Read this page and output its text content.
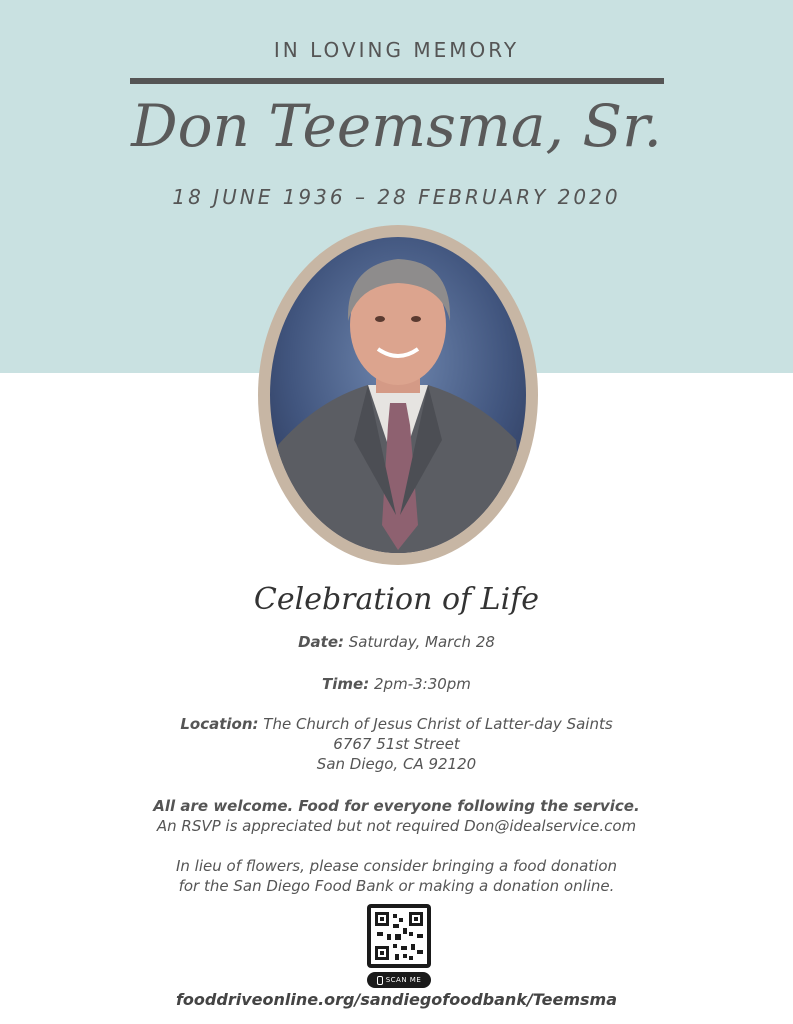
IN LOVING MEMORY
Don Teemsma, Sr.
18 JUNE 1936 – 28 FEBRUARY 2020
Celebration of Life
Date: Saturday, March 28
Time: 2pm-3:30pm
Location: The Church of Jesus Christ of Latter-day Saints
6767 51st Street
San Diego, CA 92120
All are welcome. Food for everyone following the service.
An RSVP is appreciated but not required Don@idealservice.com
In lieu of flowers, please consider bringing a food donation
for the San Diego Food Bank or making a donation online.
SCAN ME
fooddriveonline.org/sandiegofoodbank/Teemsma
